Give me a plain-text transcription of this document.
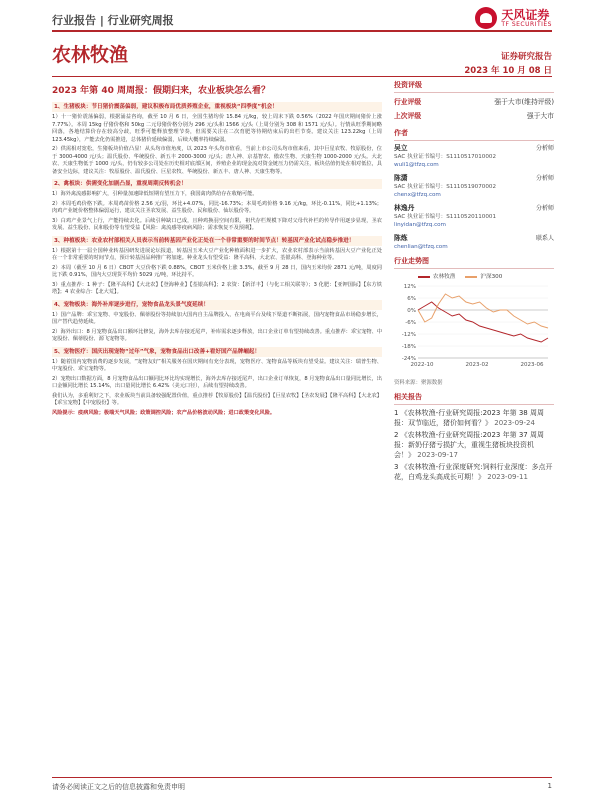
行业报告 | 行业研究周报	天风证券
TF SECURITIES
农林牧渔	证券研究报告
2023 年 10 月 08 日
2023 年第 40 周周报：假期归来，农业板块怎么看？
1、生猪板块：节日猪价震荡偏弱，建议积极布局优质养殖企业，重视板块“四季度”机会！
1）十一猪价震荡偏弱，根据涌益咨询，截至 10 月 6 日，全国生猪均价 15.84 元/kg，较上周末下跌 0.56%（2022 年国庆期间猪价上涨 7.77%）。本周 15kg 仔猪价格和 50kg 二元母猪价格分别为 296 元/头和 1566 元/头（上周分别为 308 和 1571 元/头）。行情从旺季期间略回落，各地结算价存在较高分歧，旺季可能释放整理节奏，但需要关注在二次育肥等待期结束后的出栏节奏。建议关注 123.22kg（上周 123.45kg），产能去化仍需推进，总体猪价延续偏弱，后续大概率持续偏弱。
2）供需相对宽松，生猪板块价值凸显！从头均市值角度，以 2023 年头均市值看，当前上市公司头均市值来看，其中巨星农牧、牧原股份，位于 3000-4000 元/头；温氏股份、华统股份、新五丰 2000-3000 元/头；唐人神、京基智农、傲农生物、天康生物 1000-2000 元/头。大北农、天康生物低于 1000 元/头，仍有较多公司处在历史相对底部区间，养殖企业的现金流对资金链压力仍需关注，板块估值仍处在相对低位，具备安全边际，建议关注：牧原股份、温氏股份、巨星农牧、华统股份、新五丰、唐人神、天康生物等。
2、禽板块：供需变化加剧凸显，重视周期反转机会！
1）海外禽流感影响扩大，引种量加速降低短期有望压力下，我国禽肉供给存在收缩可能。
2）本周毛鸡价格下跌。本周鸡苗价格 2.56 元/羽，环比+4.07%，同比-16.73%；本周毛鸡价格 9.16 元/kg，环比-0.11%，同比+1.13%；肉鸡产业链价格整体偏弱运行，建议关注圣农发展、益生股份、民和股份、仙坛股份等。
3）白鸡产业景气上行，产能持续去化。后续引种缺口已成，且种鸡换羽空间有限，祖代存栏规模下降对父母代补栏的传导作用逐步显现，圣农发展、益生股份、民和股份等有望受益【风险：禽流感等疫病风险；需求恢复不及预期】。
3、种植板块：农业农村部相关人员表示当前转基因产业化正处在一个非常重要的时间节点！转基因产业化试点稳步推进！
1）根据第十一届全国种业转基因研发进展论坛报道，转基因玉米大豆产业化种植面积进一步扩大，农业农村部表示当前转基因大豆产业化正处在一个非常重要的时间节点，预计转基因品种推广将加速。种业龙头有望受益：隆平高科、大北农、荃银高科、登海种业等。
2）本周（截至 10 月 6 日）CBOT 大豆价格下跌 0.88%，CBOT 玉米价格上涨 3.3%，截至 9 月 28 日，国内玉米均价 2871 元/吨，周度同比下跌 0.91%，国内大豆现货平均价 5029 元/吨，环比持平。
3）重点推荐：1 种子：【隆平高科】【大北农】【登海种业】【荃银高科】；2 农资：【新洋丰】（与化工相关联等）；3 化肥：【亚钾国际】【东方铁塔】；4 农业综合：【北大荒】。
4、宠物板块：海外补库逐步进行，宠物食品龙头景气度延续！
1）国产品牌：乖宝宠物、中宠股份、佩蒂股份等持续加大国内自主品牌投入，在电商平台及线下渠道不断拓展，国内宠物食品市场稳步增长，国产替代趋势延续。
2）海外出口：8 月宠物食品出口额环比修复，海外去库存接近尾声，补库需求逐步释放，出口企业订单有望持续改善。重点推荐：乖宝宠物、中宠股份、佩蒂股份、源飞宠物等。
5、宠物医疗：国庆出现宠物“过年”气象，宠物食品出口改善+看好国产品牌崛起！
1）随着国内宠物消费的逐步发展，“宠物友好”相关服务在国庆期间有充分表现，宠物医疗、宠物食品等板块有望受益。建议关注：瑞普生物、中宠股份、乖宝宠物等。
2）宠物出口数据方面，8 月宠物食品出口额同比环比均实现增长，海外去库存接近尾声，出口企业订单恢复，8 月宠物食品出口量同比增长，出口金额同比增长 15.14%，出口量同比增长 6.42%（美元口径），后续有望持续改善。
我们认为，多重利好之下，农业板块当前具备较强配置价值，重点推荐【牧原股份】【温氏股份】【巨星农牧】【圣农发展】【隆平高科】【大北农】【乖宝宠物】【中宠股份】等。
风险提示：疫病风险；极端天气风险；政策调控风险；农产品价格波动风险；进口政策变化风险。
投资评级
行业评级	强于大市(维持评级)
上次评级	强于大市
作者
吴立	分析师
SAC 执业证书编号：S1110517010002
wuli1@tfzq.com
陈潇	分析师
SAC 执业证书编号：S1110519070002
chenx@tfzq.com
林逸丹	分析师
SAC 执业证书编号：S1110520110001
linyidan@tfzq.com
陈炼	联系人
chenlian@tfzq.com
行业走势图
农林牧渔	沪深300
12%
6%
0%
-6%
-12%
-18%
-24%
2022-10	2023-02	2023-06
资料来源：聚源数据
相关报告
1 《农林牧渔-行业研究周报:2023 年第 38 周周报：双节临近，猪价如何看？》 2023-09-24
2 《农林牧渔-行业研究周报:2023 年第 37 周周报：新奶仔猪亏损扩大，重视生猪板块投资机会！》 2023-09-17
3 《农林牧渔-行业深度研究:饲料行业深度：多点开花，白鸡龙头高成长可期！》 2023-09-11
请务必阅读正文之后的信息披露和免责申明	1
